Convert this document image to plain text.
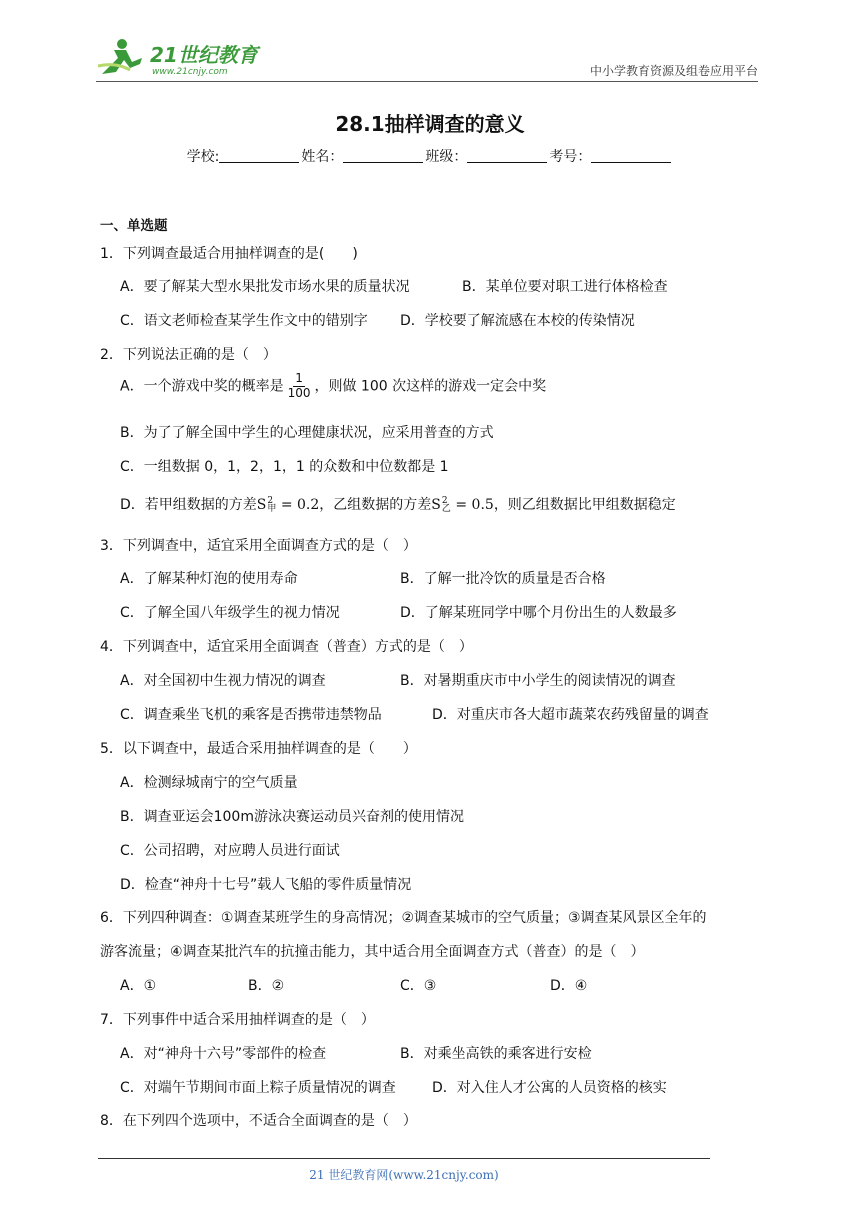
21世纪教育
www.21cnjy.com	中小学教育资源及组卷应用平台
28.1抽样调查的意义
学校:	姓名：	班级：	考号：
一、单选题
1．下列调查最适合用抽样调查的是(　　)
A．要了解某大型水果批发市场水果的质量状况	B．某单位要对职工进行体格检查
C．语文老师检查某学生作文中的错别字 D．学校要了解流感在本校的传染情况
2．下列说法正确的是（　）
A．一个游戏中奖的概率是 $\frac{1}{100}$ ，则做 100 次这样的游戏一定会中奖
B．为了了解全国中学生的心理健康状况，应采用普查的方式
C．一组数据 0，1，2，1，1 的众数和中位数都是 1
D．若甲组数据的方差S 2
甲 = 0.2，乙组数据的方差S 2
乙 = 0.5，则乙组数据比甲组数据稳定
3．下列调查中，适宜采用全面调查方式的是（　）
A．了解某种灯泡的使用寿命	B．了解一批冷饮的质量是否合格
C．了解全国八年级学生的视力情况	D．了解某班同学中哪个月份出生的人数最多
4．下列调查中，适宜采用全面调查（普查）方式的是（　）
A．对全国初中生视力情况的调查	B．对暑期重庆市中小学生的阅读情况的调查
C．调查乘坐飞机的乘客是否携带违禁物品	D．对重庆市各大超市蔬菜农药残留量的调查
5．以下调查中，最适合采用抽样调查的是（　　）
A．检测绿城南宁的空气质量
B．调查亚运会100m游泳决赛运动员兴奋剂的使用情况
C．公司招聘，对应聘人员进行面试
D．检查“神舟十七号”载人飞船的零件质量情况
6．下列四种调查：①调查某班学生的身高情况；②调查某城市的空气质量；③调查某风景区全年的
游客流量；④调查某批汽车的抗撞击能力，其中适合用全面调查方式（普查）的是（　）
A．①	B．②	C．③	D．④
7．下列事件中适合采用抽样调查的是（　）
A．对“神舟十六号”零部件的检查	B．对乘坐高铁的乘客进行安检
C．对端午节期间市面上粽子质量情况的调查	D．对入住人才公寓的人员资格的核实
8．在下列四个选项中，不适合全面调查的是（　）
21 世纪教育网(www.21cnjy.com)
